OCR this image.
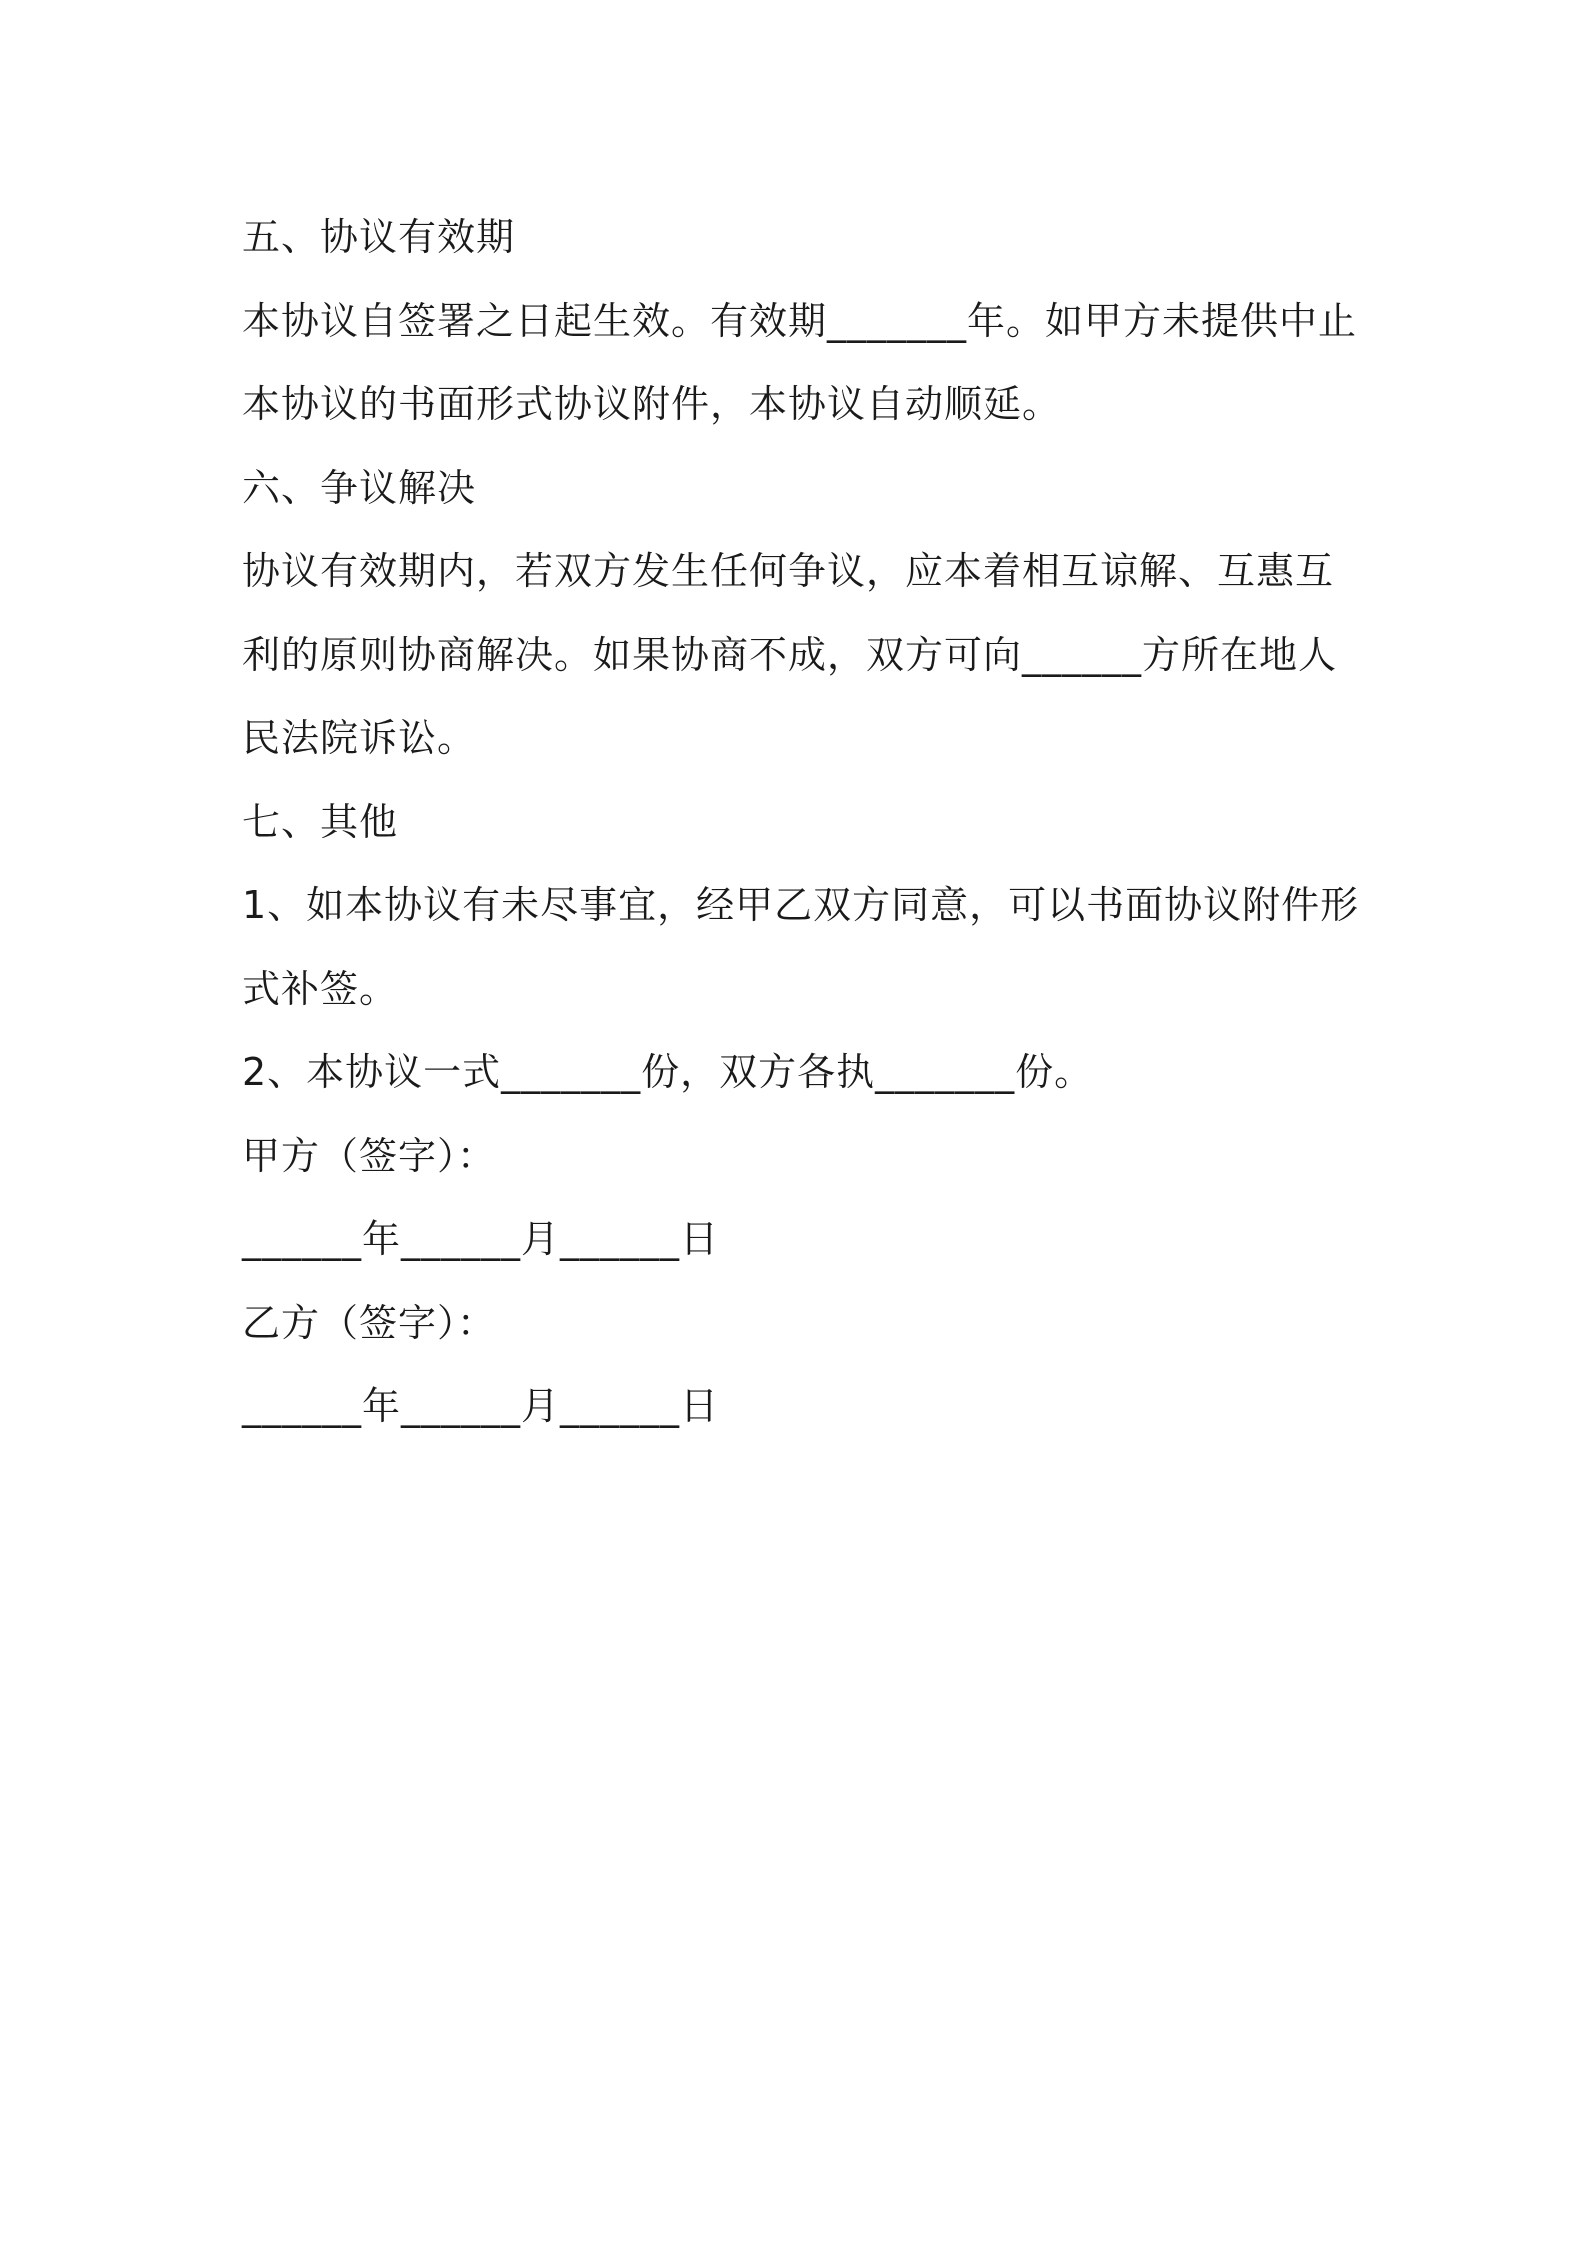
五、协议有效期

本协议自签署之日起生效。有效期_______年。如甲方未提供中止本协议的书面形式协议附件，本协议自动顺延。

六、争议解决

协议有效期内，若双方发生任何争议，应本着相互谅解、互惠互利的原则协商解决。如果协商不成，双方可向______方所在地人民法院诉讼。

七、其他

1、如本协议有未尽事宜，经甲乙双方同意，可以书面协议附件形式补签。

2、本协议一式_______份，双方各执_______份。

甲方（签字）：

______年______月______日

乙方（签字）：

______年______月______日
